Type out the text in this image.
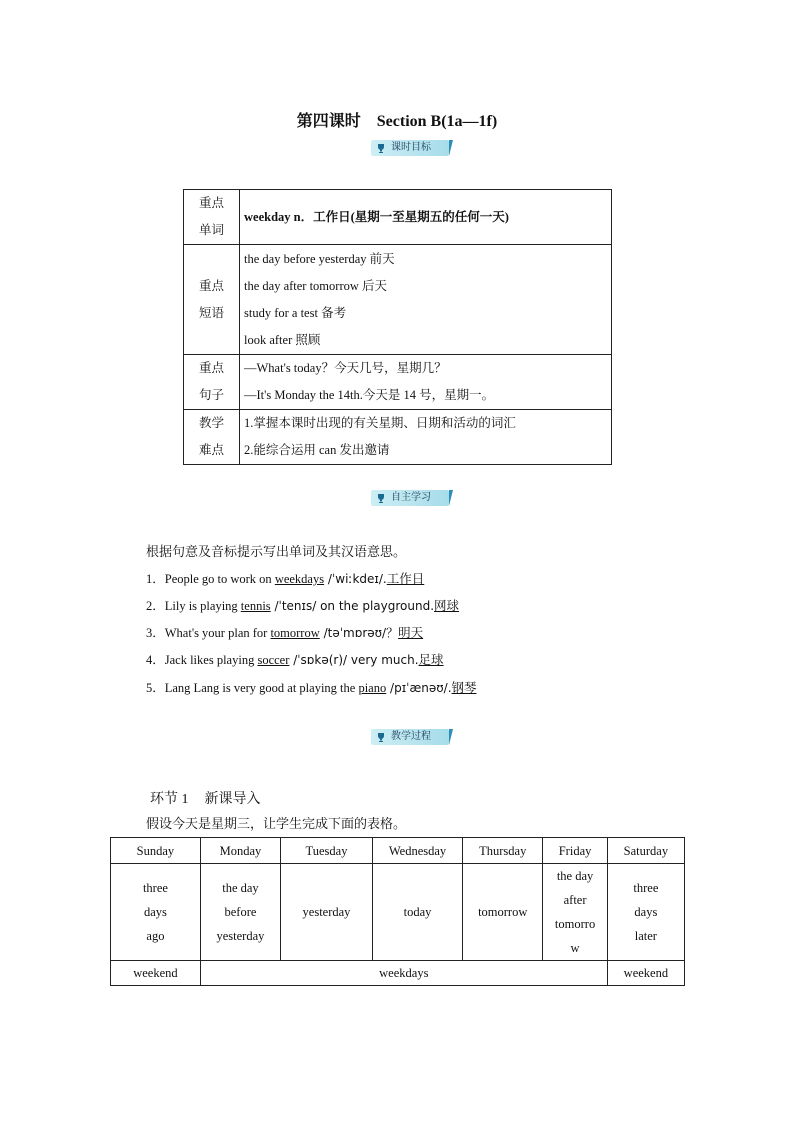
第四课时 Section B(1a—1f)
课时目标
重点
单词	weekday n．工作日(星期一至星期五的任何一天)

重点
短语	the day before yesterday 前天
the day after tomorrow 后天
study for a test 备考
look after 照顾

重点
句子	—What's today？今天几号，星期几？
—It's Monday the 14th.今天是 14 号，星期一。

教学
难点	1.掌握本课时出现的有关星期、日期和活动的词汇
2.能综合运用 can 发出邀请
自主学习
根据句意及音标提示写出单词及其汉语意思。
1．People go to work on weekdays /ˈwiːkdeɪ/.工作日
2．Lily is playing tennis /ˈtenɪs/ on the playground.网球
3．What's your plan for tomorrow /təˈmɒrəʊ/？明天
4．Jack likes playing soccer /ˈsɒkə(r)/ very much.足球
5．Lang Lang is very good at playing the piano /pɪˈænəʊ/.钢琴
教学过程
环节 1 新课导入
假设今天是星期三，让学生完成下面的表格。
Sunday	Monday	Tuesday	Wednesday	Thursday	Friday	Saturday

three
days
ago	the day
before
yesterday	yesterday	today	tomorrow	the day
after
tomorro
w	three
days
later

weekend	weekdays					weekend
